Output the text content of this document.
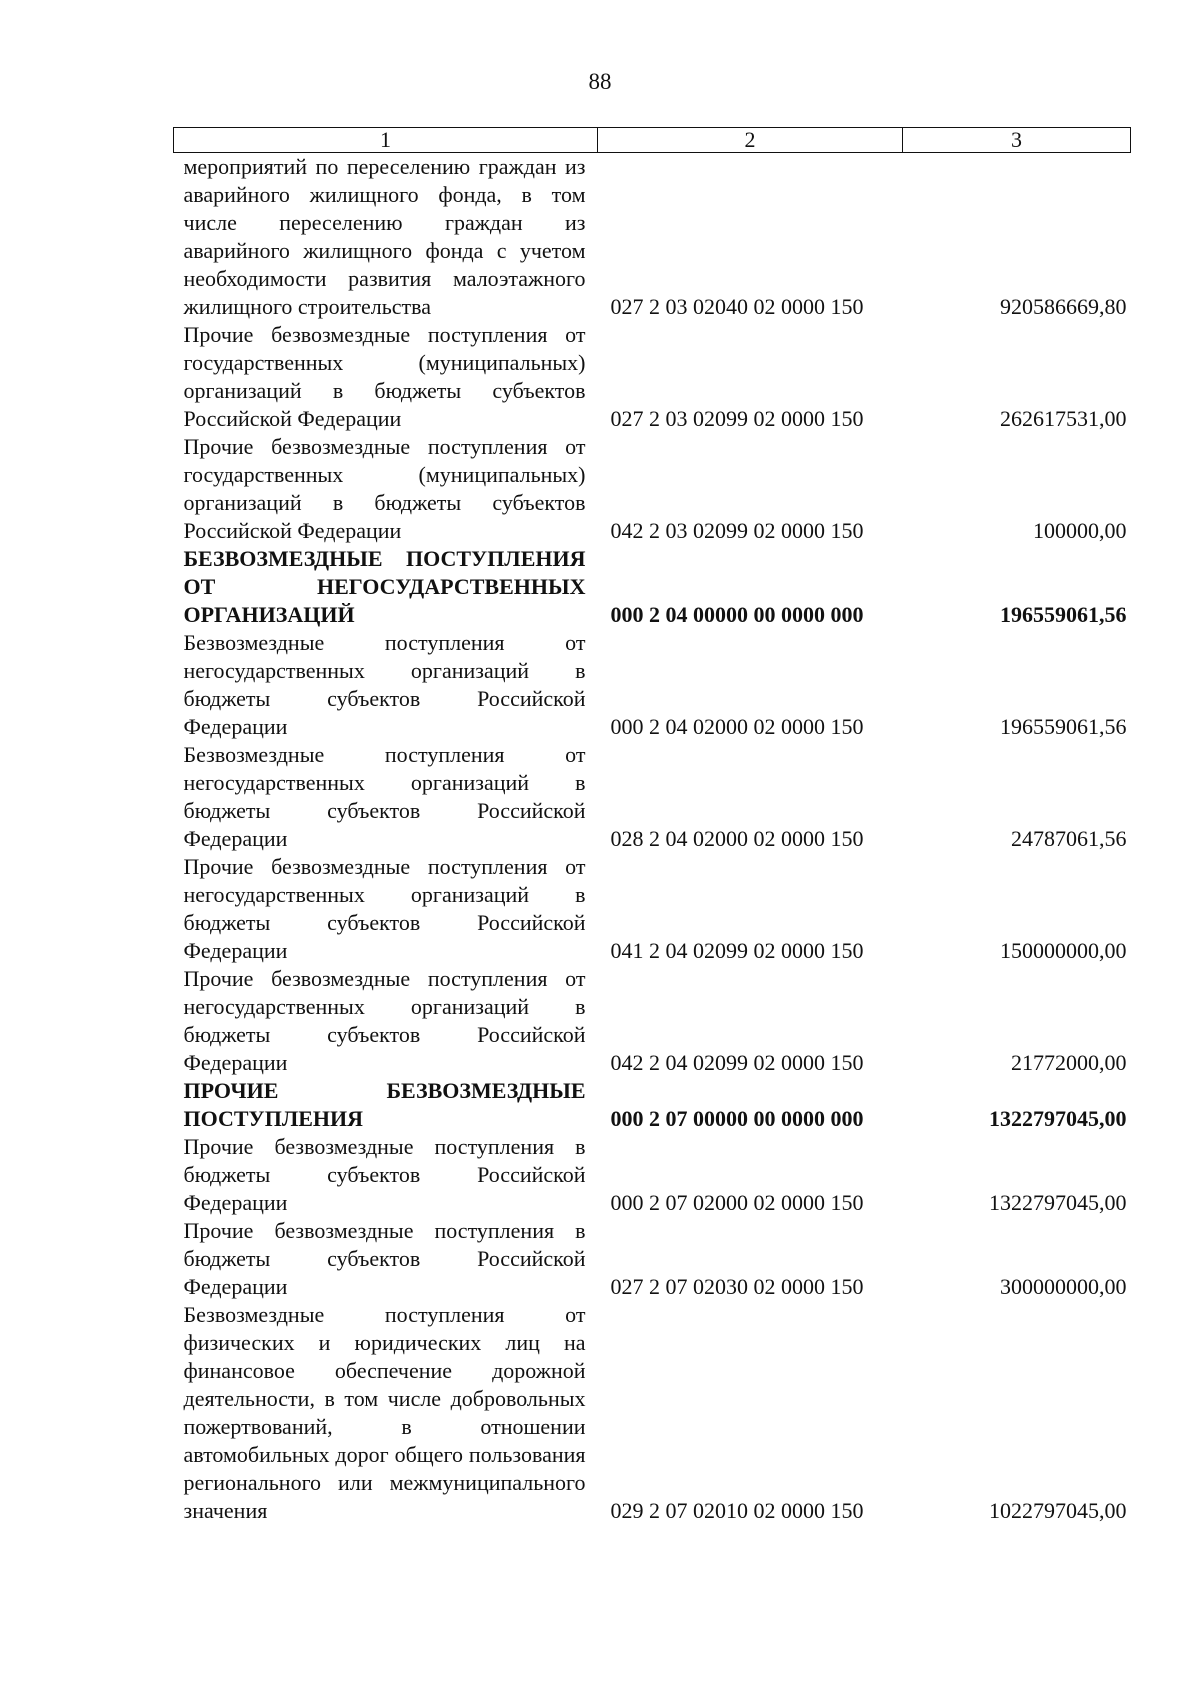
88
1	2	3
мероприятий по переселению граждан из аварийного жилищного фонда, в том числе переселению граждан из аварийного жилищного фонда с учетом необходимости развития малоэтажного жилищного строительства	027 2 03 02040 02 0000 150	920586669,80
Прочие безвозмездные поступления от государственных (муниципальных) организаций в бюджеты субъектов Российской Федерации	027 2 03 02099 02 0000 150	262617531,00
Прочие безвозмездные поступления от государственных (муниципальных) организаций в бюджеты субъектов Российской Федерации	042 2 03 02099 02 0000 150	100000,00
БЕЗВОЗМЕЗДНЫЕ ПОСТУПЛЕНИЯ ОТ НЕГОСУДАРСТВЕННЫХ ОРГАНИЗАЦИЙ	000 2 04 00000 00 0000 000	196559061,56
Безвозмездные поступления от негосударственных организаций в бюджеты субъектов Российской Федерации	000 2 04 02000 02 0000 150	196559061,56
Безвозмездные поступления от негосударственных организаций в бюджеты субъектов Российской Федерации	028 2 04 02000 02 0000 150	24787061,56
Прочие безвозмездные поступления от негосударственных организаций в бюджеты субъектов Российской Федерации	041 2 04 02099 02 0000 150	150000000,00
Прочие безвозмездные поступления от негосударственных организаций в бюджеты субъектов Российской Федерации	042 2 04 02099 02 0000 150	21772000,00
ПРОЧИЕ БЕЗВОЗМЕЗДНЫЕ ПОСТУПЛЕНИЯ	000 2 07 00000 00 0000 000	1322797045,00
Прочие безвозмездные поступления в бюджеты субъектов Российской Федерации	000 2 07 02000 02 0000 150	1322797045,00
Прочие безвозмездные поступления в бюджеты субъектов Российской Федерации	027 2 07 02030 02 0000 150	300000000,00
Безвозмездные поступления от физических и юридических лиц на финансовое обеспечение дорожной деятельности, в том числе добровольных пожертвований, в отношении автомобильных дорог общего пользования регионального или межмуниципального значения	029 2 07 02010 02 0000 150	1022797045,00
